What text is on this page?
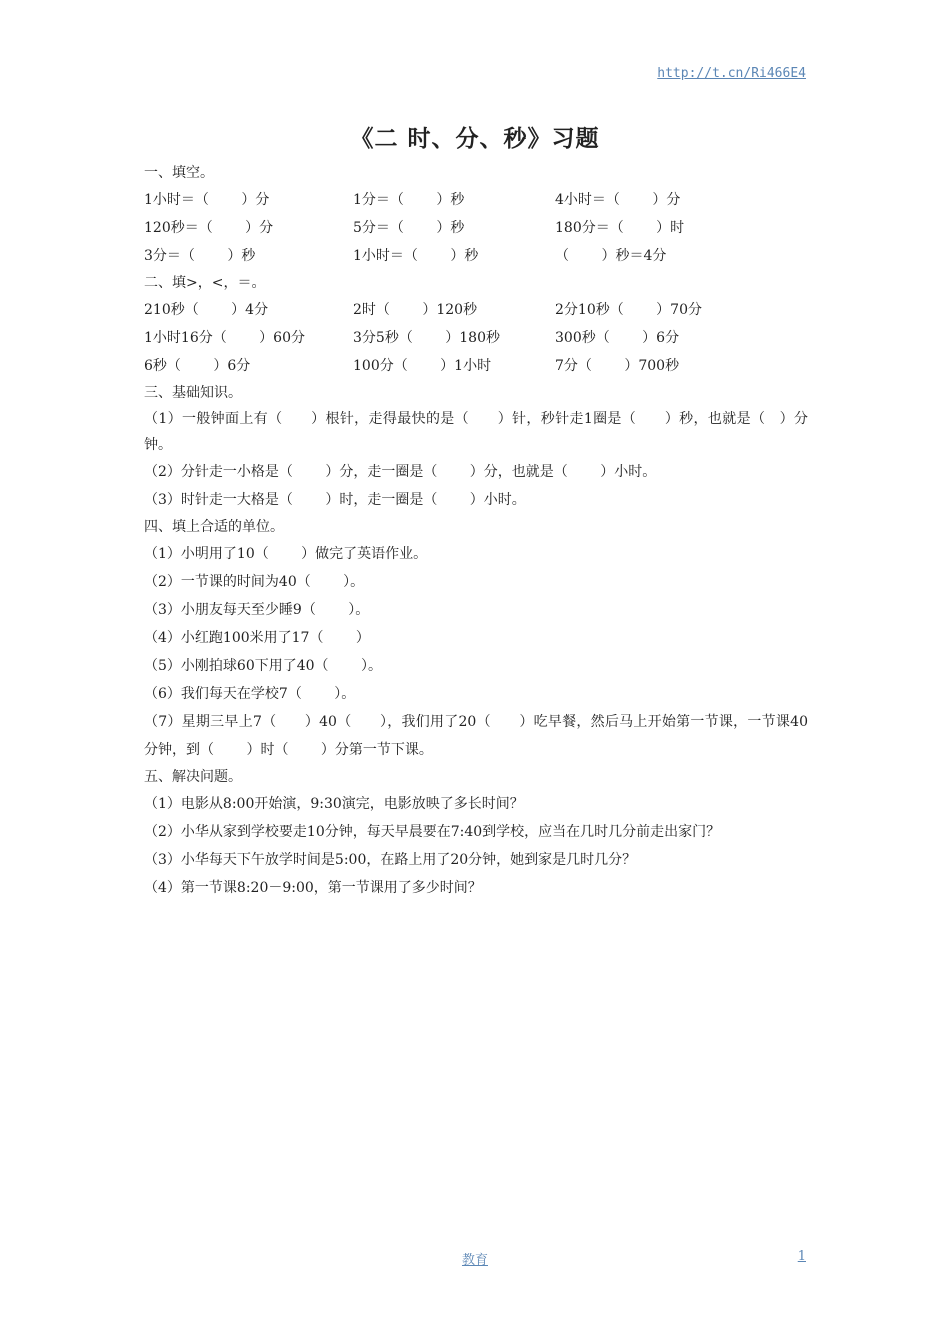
http://t.cn/Ri466E4
《二 时、分、秒》习题
一、填空。
1小时＝（　　 ）分	1分＝（　　 ）秒	4小时＝（　　 ）分
120秒＝（　　 ）分	5分＝（　　 ）秒	180分＝（　　 ）时
3分＝（　　 ）秒	1小时＝（　　 ）秒	（　　 ）秒＝4分
二、填>，<，＝。
210秒（　　 ）4分	2时（　　 ）120秒	2分10秒（　　 ）70分
1小时16分（　　 ）60分	3分5秒（　　 ）180秒	300秒（　　 ）6分
6秒（　　 ）6分	100分（　　 ）1小时	7分（　　 ）700秒
三、基础知识。
（1）一般钟面上有（　　）根针，走得最快的是（　　）针，秒针走1圈是（　　）秒，也就是（　）分钟。
（2）分针走一小格是（　　 ）分，走一圈是（　　 ）分，也就是（　　 ）小时。
（3）时针走一大格是（　　 ）时，走一圈是（　　 ）小时。
四、填上合适的单位。
（1）小明用了10（　　 ）做完了英语作业。
（2）一节课的时间为40（　　 ）。
（3）小朋友每天至少睡9（　　 ）。
（4）小红跑100米用了17（　　 ）
（5）小刚拍球60下用了40（　　 ）。
（6）我们每天在学校7（　　 ）。
（7）星期三早上7（　　）40（　　），我们用了20（　　）吃早餐，然后马上开始第一节课，一节课40分钟，到（　　 ）时（　　 ）分第一节下课。
五、解决问题。
（1）电影从8:00开始演，9:30演完，电影放映了多长时间？
（2）小华从家到学校要走10分钟，每天早晨要在7:40到学校，应当在几时几分前走出家门？
（3）小华每天下午放学时间是5:00，在路上用了20分钟，她到家是几时几分？
（4）第一节课8:20－9:00，第一节课用了多少时间？
教育	1
